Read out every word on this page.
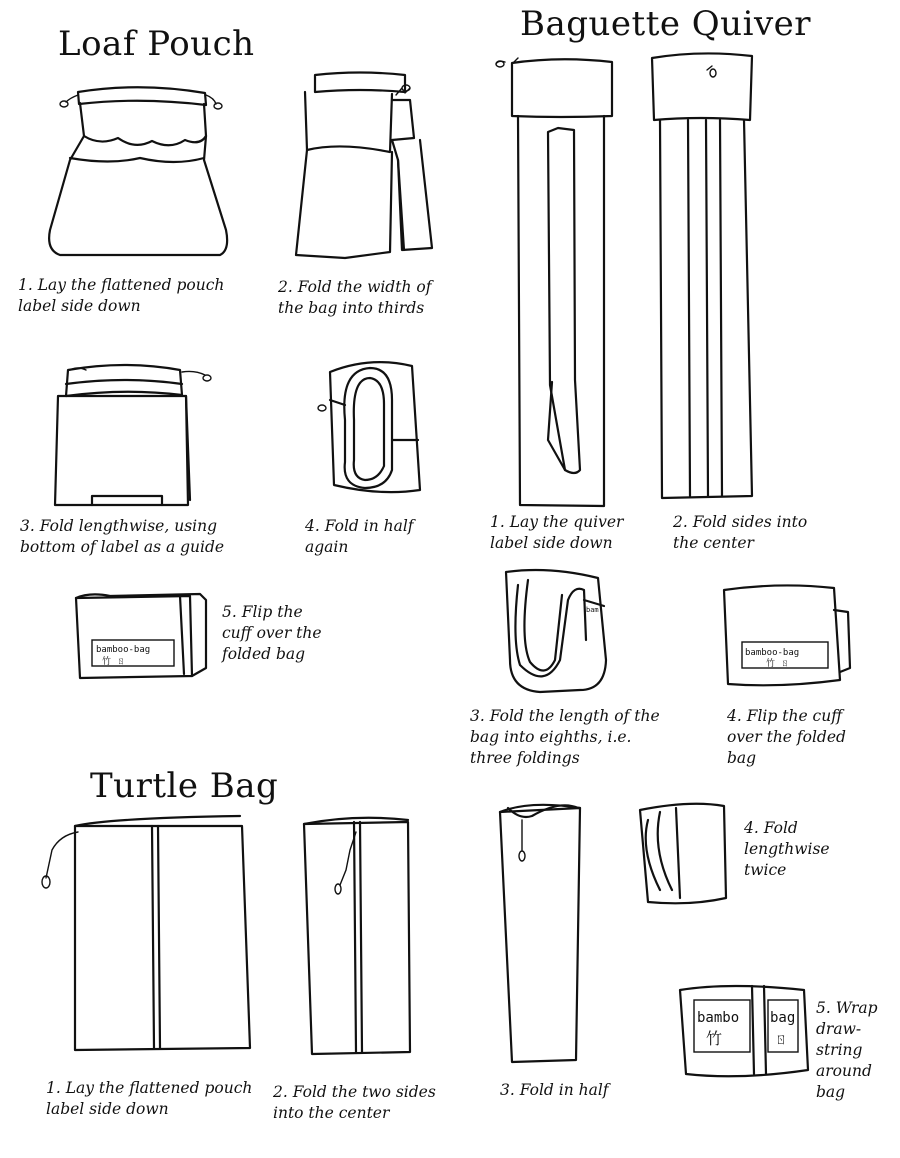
bamboo-bag
竹 ㄖ
bam
bamboo-bag
竹 ㄖ
bambo
竹
bag
ㄖ
Loaf Pouch	Baguette Quiver
Turtle Bag
1. Lay the flattened pouch
label side down
2. Fold the width of
the bag into thirds
3. Fold lengthwise, using
bottom of label as a guide
4. Fold in half
again
5. Flip the
cuff over the
folded bag
1. Lay the quiver
label side down
2. Fold sides into
the center
3. Fold the length of the
bag into eighths, i.e.
three foldings
4. Flip the cuff
over the folded
bag
1. Lay the flattened pouch
label side down
2. Fold the two sides
into the center
3. Fold in half
4. Fold
lengthwise
twice
5. Wrap
draw-
string
around
bag
